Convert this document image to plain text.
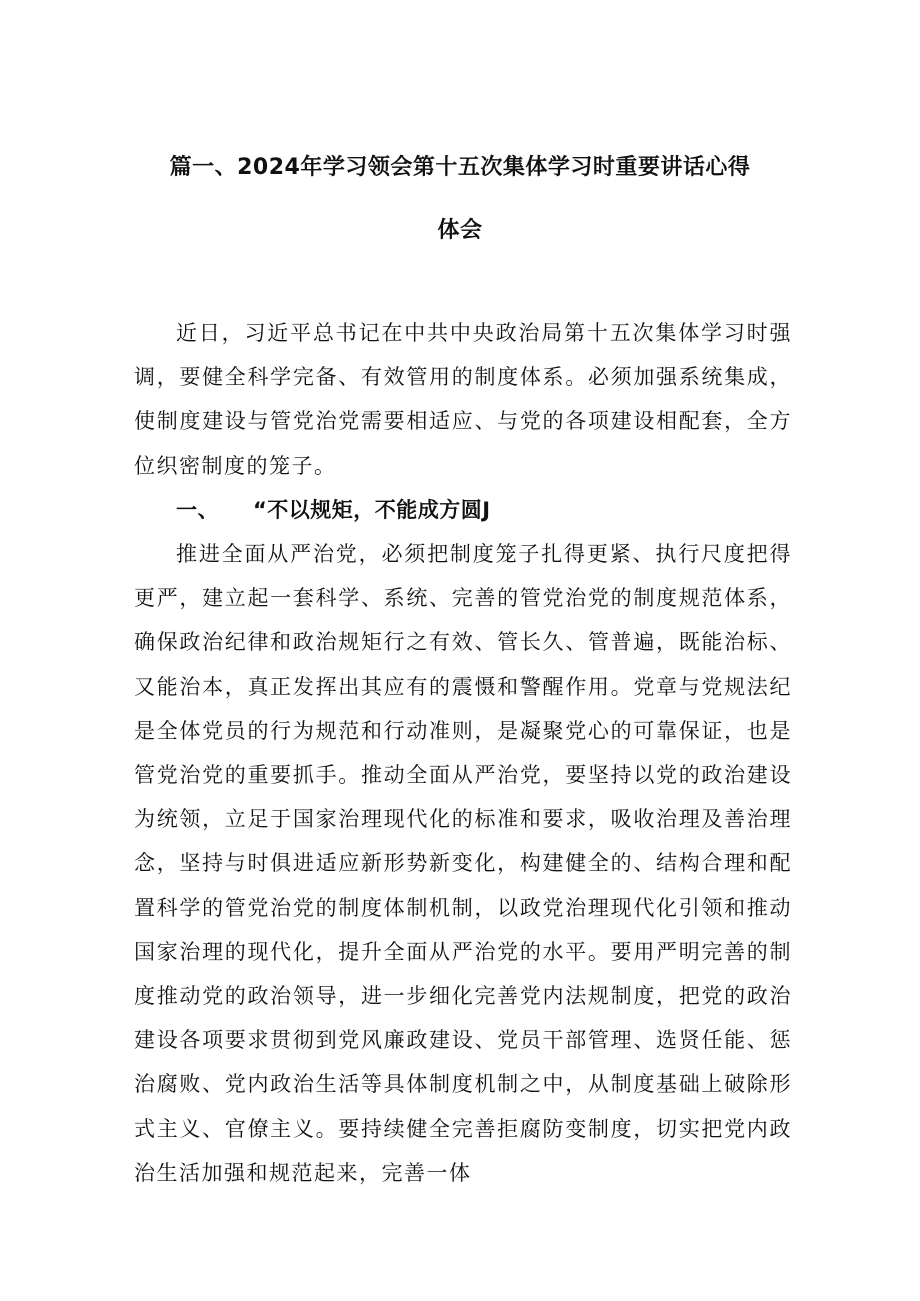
篇一、2024年学习领会第十五次集体学习时重要讲话心得
体会

近日，习近平总书记在中共中央政治局第十五次集体学习时强调，要健全科学完备、有效管用的制度体系。必须加强系统集成，使制度建设与管党治党需要相适应、与党的各项建设相配套，全方位织密制度的笼子。

一、 “不以规矩，不能成方圆J

推进全面从严治党，必须把制度笼子扎得更紧、执行尺度把得更严，建立起一套科学、系统、完善的管党治党的制度规范体系，确保政治纪律和政治规矩行之有效、管长久、管普遍，既能治标、又能治本，真正发挥出其应有的震慑和警醒作用。党章与党规法纪是全体党员的行为规范和行动准则，是凝聚党心的可靠保证，也是管党治党的重要抓手。推动全面从严治党，要坚持以党的政治建设为统领，立足于国家治理现代化的标准和要求，吸收治理及善治理念，坚持与时俱进适应新形势新变化，构建健全的、结构合理和配置科学的管党治党的制度体制机制，以政党治理现代化引领和推动国家治理的现代化，提升全面从严治党的水平。要用严明完善的制度推动党的政治领导，进一步细化完善党内法规制度，把党的政治建设各项要求贯彻到党风廉政建设、党员干部管理、选贤任能、惩治腐败、党内政治生活等具体制度机制之中，从制度基础上破除形式主义、官僚主义。要持续健全完善拒腐防变制度，切实把党内政治生活加强和规范起来，完善一体
